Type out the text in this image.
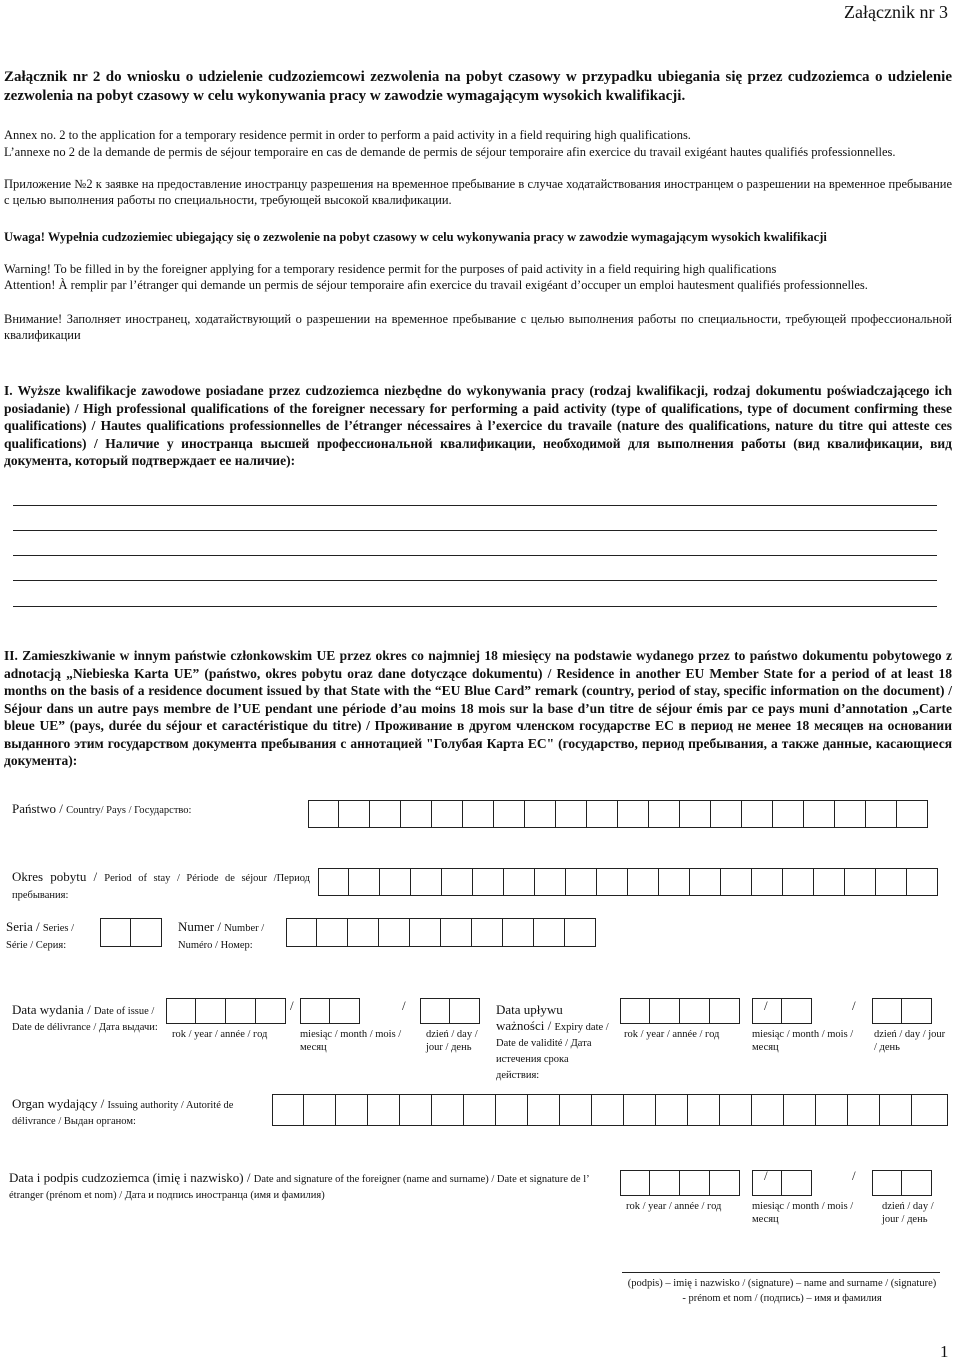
Załącznik nr 3
Załącznik nr 2 do wniosku o udzielenie cudzoziemcowi zezwolenia na pobyt czasowy w przypadku ubiegania się przez cudzoziemca o udzielenie zezwolenia na pobyt czasowy w celu wykonywania pracy w zawodzie wymagającym wysokich kwalifikacji.
Annex no. 2 to the application for a temporary residence permit in order to perform a paid activity in a field requiring high qualifications.
L’annexe no 2 de la demande de permis de séjour temporaire en cas de demande de permis de séjour temporaire afin exercice du travail exigéant hautes qualifiés professionnelles.
Приложение №2 к заявке на предоставление иностранцу разрешения на временное пребывание в случае ходатайствования иностранцем о разрешении на временное пребывание с целью выполнения работы по специальности, требующей высокой квалификации.
Uwaga! Wypełnia cudzoziemiec ubiegający się o zezwolenie na pobyt czasowy w celu wykonywania pracy w zawodzie wymagającym wysokich kwalifikacji
Warning! To be filled in by the foreigner applying for a temporary residence permit for the purposes of paid activity in a field requiring high qualifications
Attention! À remplir par l’étranger qui demande un permis de séjour temporaire afin exercice du travail exigéant d’occuper un emploi hautesment qualifiés professionnelles.
Внимание! Заполняет иностранец, ходатайствующий о разрешении на временное пребывание с целью выполнения работы по специальности, требующей профессиональной квалификации
I. Wyższe kwalifikacje zawodowe posiadane przez cudzoziemca niezbędne do wykonywania pracy (rodzaj kwalifikacji, rodzaj dokumentu poświadczającego ich posiadanie) / High professional qualifications of the foreigner necessary for performing a paid activity (type of qualifications, type of document confirming these qualifications) / Hautes qualifications professionnelles de l’étranger nécessaires à l’exercice du travaile (nature des qualifications, nature du titre qui atteste ces qualifications) / Наличие у иностранца высшей профессиональной квалификации, необходимой для выполнения работы (вид квалификации, вид документа, который подтверждает ее наличие):
II. Zamieszkiwanie w innym państwie członkowskim UE przez okres co najmniej 18 miesięcy na podstawie wydanego przez to państwo dokumentu pobytowego z adnotacją „Niebieska Karta UE” (państwo, okres pobytu oraz dane dotyczące dokumentu) / Residence in another EU Member State for a period of at least 18 months on the basis of a residence document issued by that State with the “EU Blue Card” remark (country, period of stay, specific information on the document) / Séjour dans un autre pays membre de l’UE pendant une période d’au moins 18 mois sur la base d’un titre de séjour émis par ce pays muni d’annotation „Carte bleue UE” (pays, durée du séjour et caractéristique du titre) / Проживание в другом членском государстве ЕС в период не менее 18 месяцев на основании выданного этим государством документа пребывания с аннотацией "Голубая Карта ЕС" (государство, период пребывания, а также данные, касающиеся документа):
Państwo / Country/ Pays / Государство:
Okres pobytu / Period of stay / Période de séjour /Период пребывания:
Seria / Series / Série / Серия:
Numer / Number / Numéro / Номер:
Data wydania / Date of issue / Date de délivrance / Дата выдачи:
/	/
rok / year / année / год	miesiąc / month / mois / месяц
dzień / day / jour / день
Data upływu ważności / Expiry date / Date de validité / Дата истечения срока действия:
/	/
rok / year / année / год	miesiąc / month / mois / месяц
dzień / day / jour / день
Organ wydający / Issuing authority / Autorité de délivrance / Выдан органом:
Data i podpis cudzoziemca (imię i nazwisko) / Date and signature of the foreigner (name and surname) / Date et signature de l’ étranger (prénom et nom) / Дата и подпись иностранца (имя и фамилия)
/	/
rok / year / année / год	miesiąc / month / mois / месяц
dzień / day / jour / день
(podpis) – imię i nazwisko / (signature) – name and surname / (signature) - prénom et nom / (подпись) – имя и фамилия
1
